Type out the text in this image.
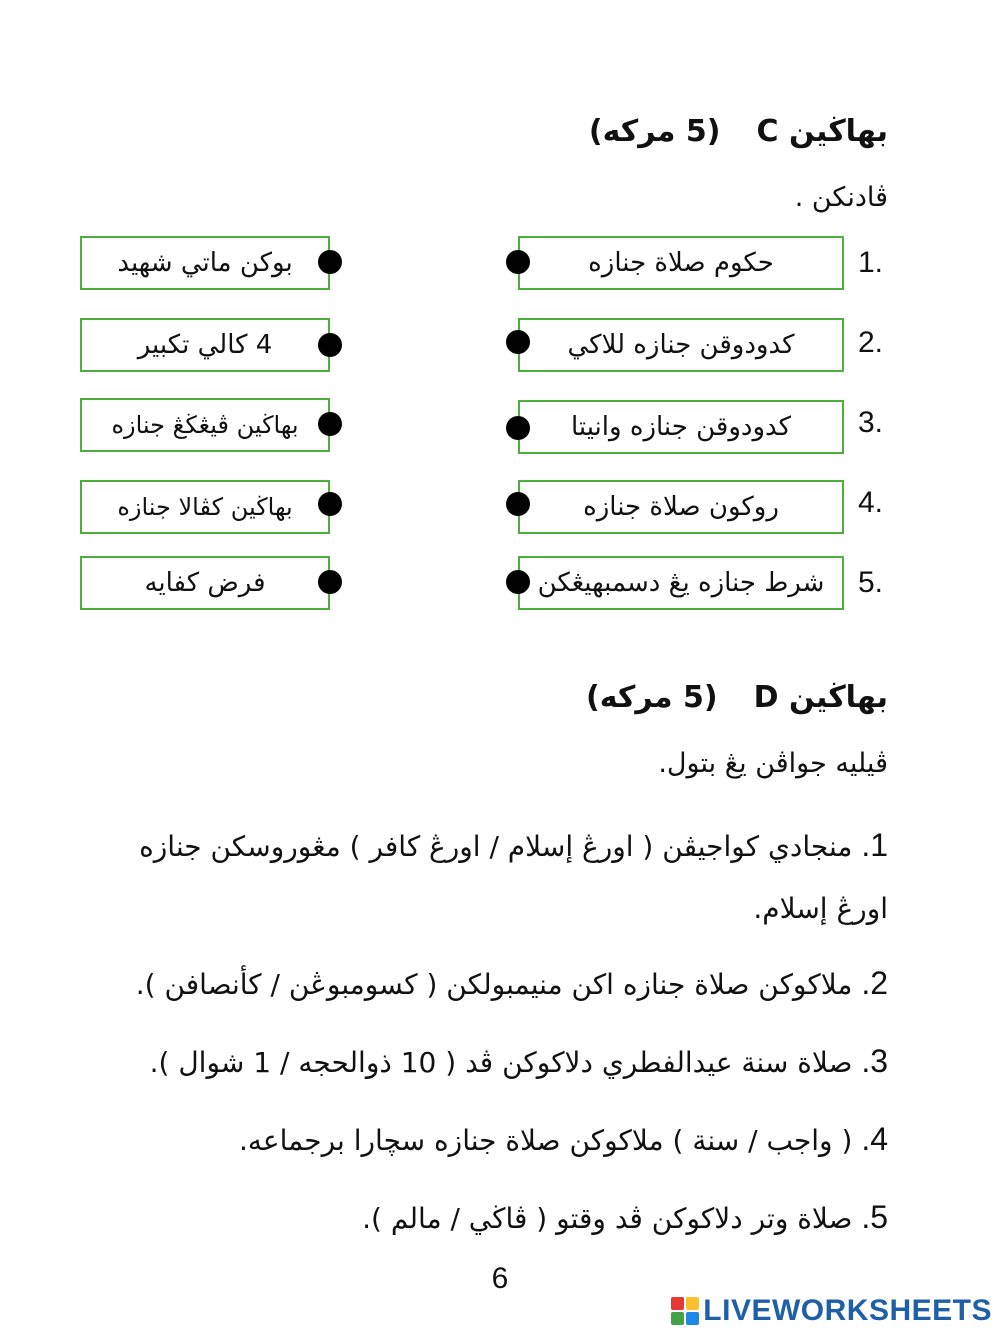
بهاڬين C(5 مركه)
ڤادنكن .
1.
حكوم صلاة جنازه
2.
كدودوقن جنازه للاكي
3.
كدودوقن جنازه وانيتا
4.
روكون صلاة جنازه
5.
شرط جنازه يڠ دسمبهيڠكن
بوكن ماتي شهيد
4 كالي تكبير
بهاڬين ڤيڠڬڠ جنازه
بهاڬين كڤالا جنازه
فرض كفايه
بهاڬين D(5 مركه)
ڤيليه جواڤن يڠ بتول.
1. منجادي كواجيڤن ( اورڠ إسلام / اورڠ كافر ) مڠوروسكن جنازه اورڠ إسلام.
2. ملاكوكن صلاة جنازه اكن منيمبولكن ( كسومبوڠن / كأنصافن ).
3. صلاة سنة عيدالفطري دلاكوكن ڤد ( 10 ذوالحجه / 1 شوال ).
4. ( واجب / سنة ) ملاكوكن صلاة جنازه سچارا برجماعه.
5. صلاة وتر دلاكوكن ڤد وقتو ( ڤاڬي / مالم ).
6
LIVEWORKSHEETS
